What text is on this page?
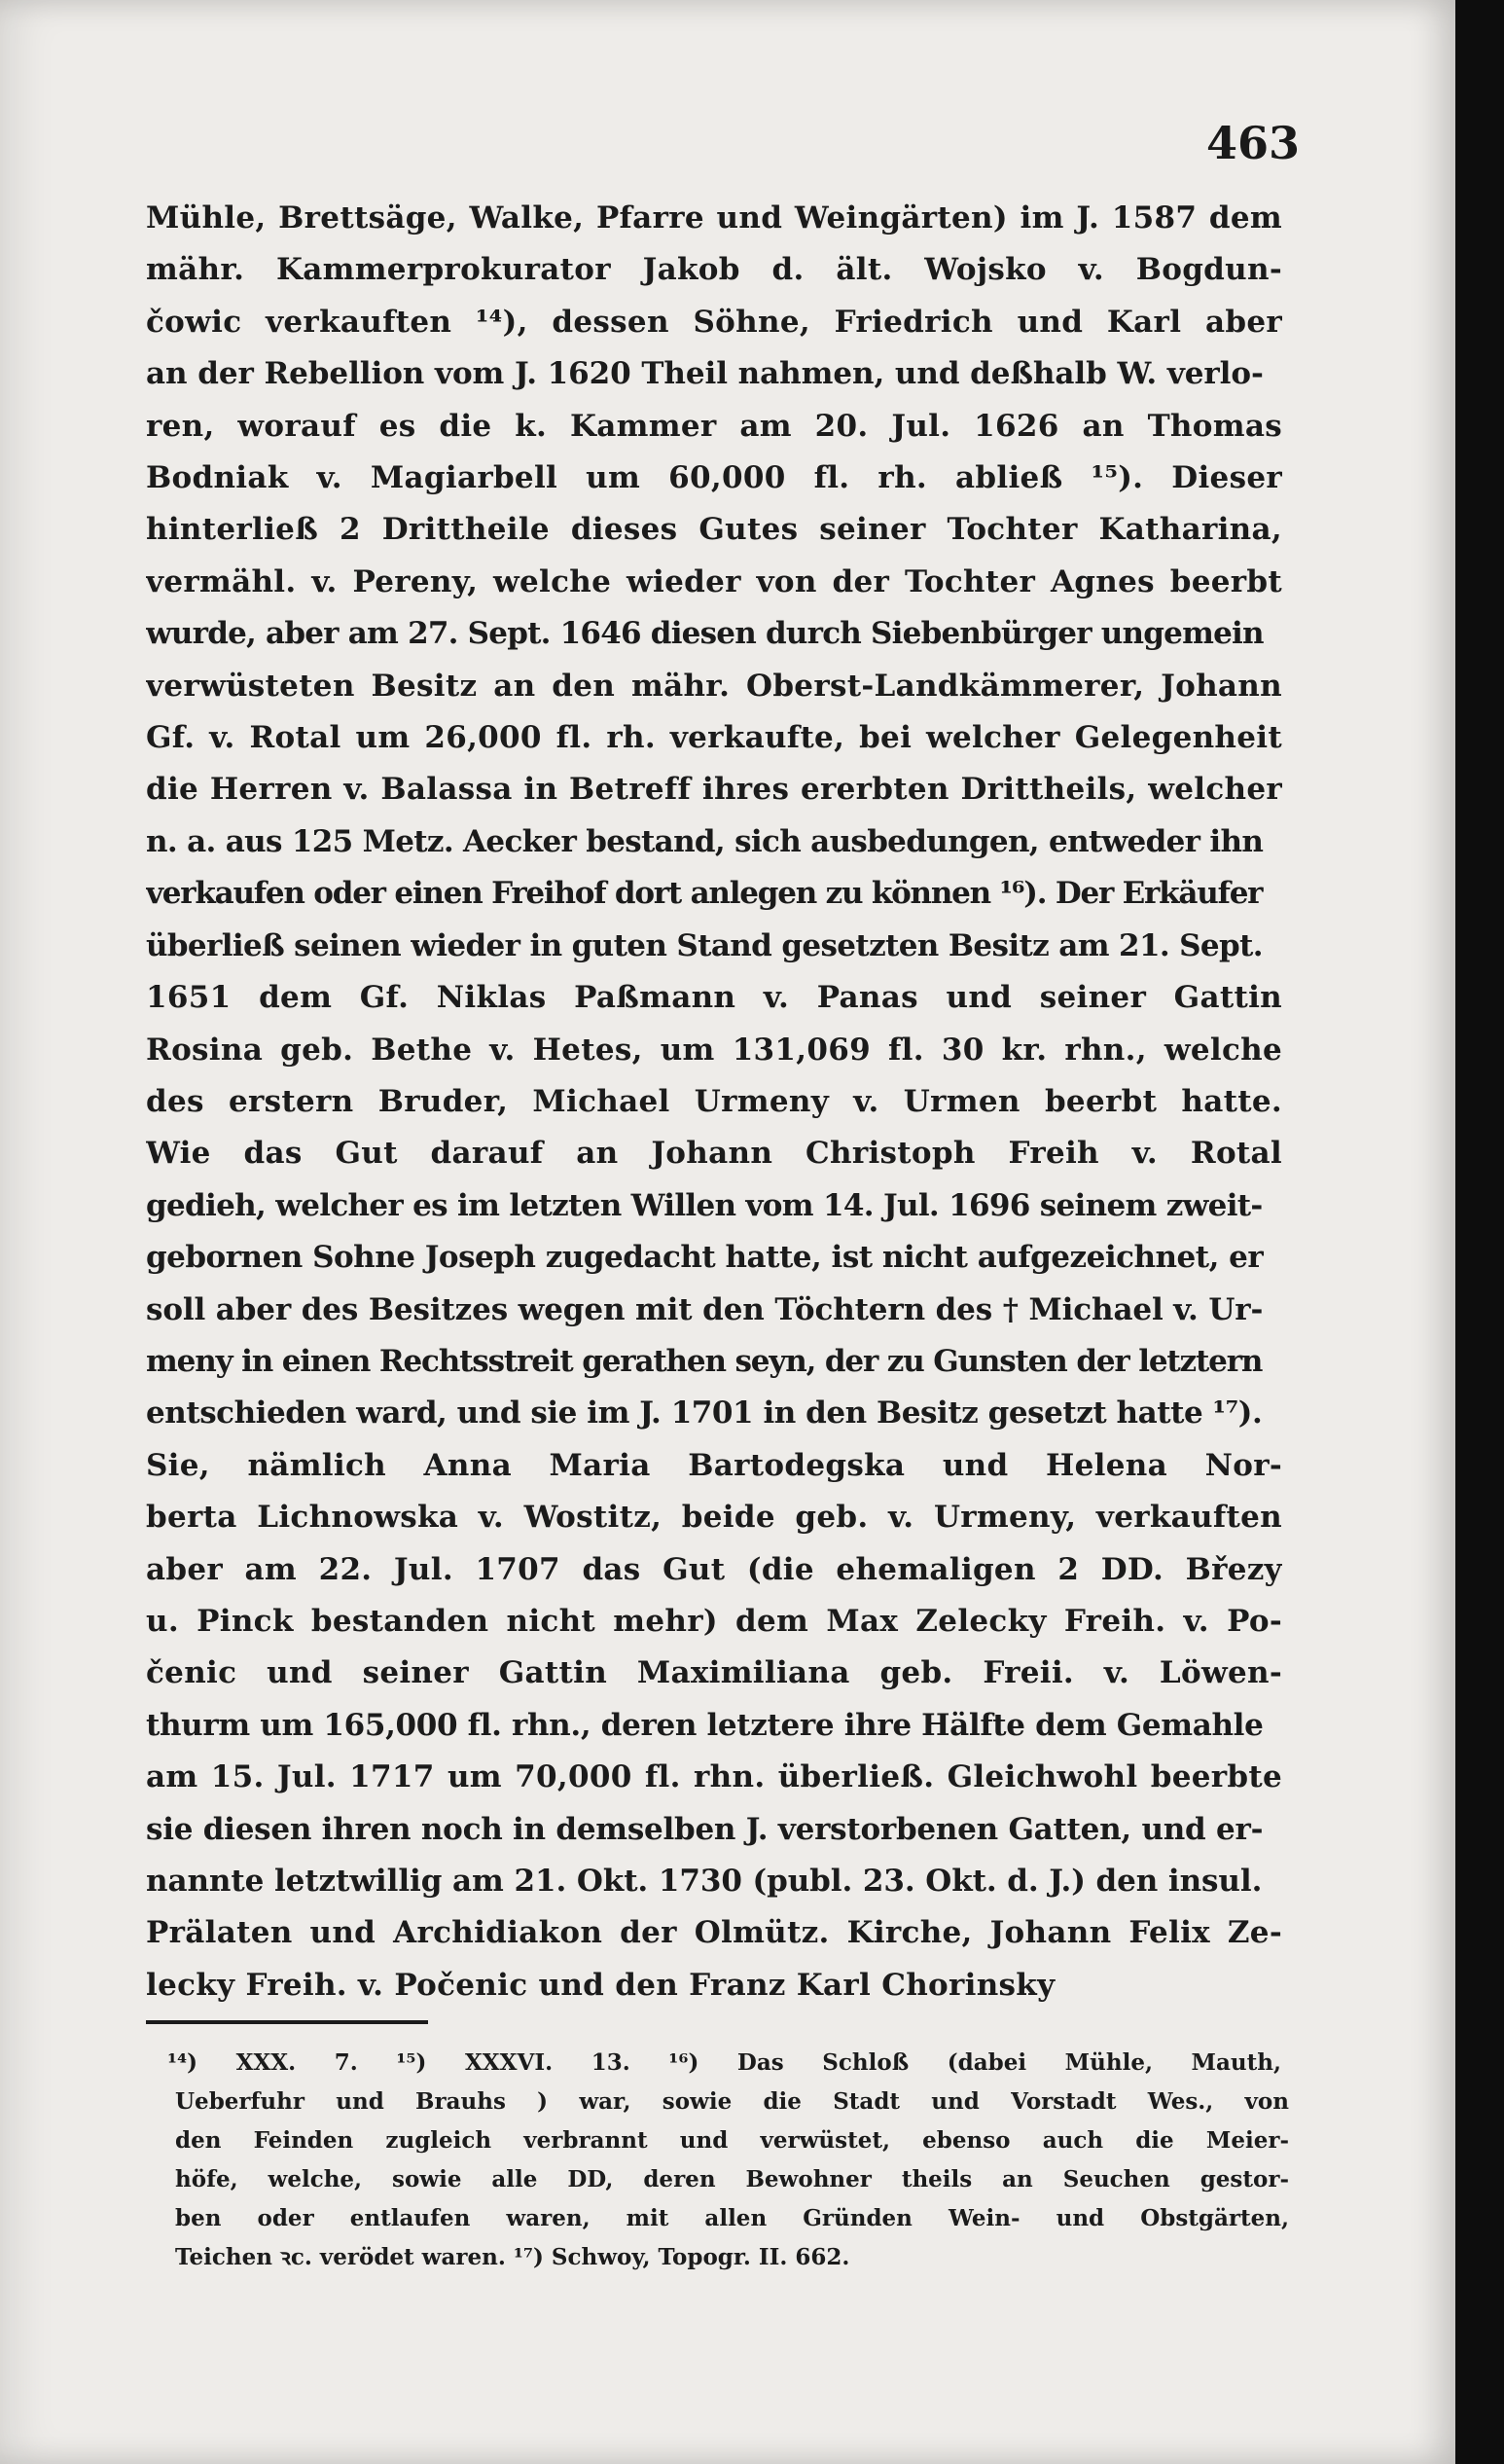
463
Mühle, Brettsäge, Walke, Pfarre und Weingärten) im J. 1587 dem
mähr. Kammerprokurator Jakob d. ält. Wojsko v. Bogdun-
čowic verkauften ¹⁴), dessen Söhne, Friedrich und Karl aber
an der Rebellion vom J. 1620 Theil nahmen, und deßhalb W. verlo-
ren, worauf es die k. Kammer am 20. Jul. 1626 an Thomas
Bodniak v. Magiarbell um 60,000 fl. rh. abließ ¹⁵). Dieser
hinterließ 2 Drittheile dieses Gutes seiner Tochter Katharina,
vermähl. v. Pereny, welche wieder von der Tochter Agnes beerbt
wurde, aber am 27. Sept. 1646 diesen durch Siebenbürger ungemein
verwüsteten Besitz an den mähr. Oberst-Landkämmerer, Johann
Gf. v. Rotal um 26,000 fl. rh. verkaufte, bei welcher Gelegenheit
die Herren v. Balassa in Betreff ihres ererbten Drittheils, welcher
n. a. aus 125 Metz. Aecker bestand, sich ausbedungen, entweder ihn
verkaufen oder einen Freihof dort anlegen zu können ¹⁶). Der Erkäufer
überließ seinen wieder in guten Stand gesetzten Besitz am 21. Sept.
1651 dem Gf. Niklas Paßmann v. Panas und seiner Gattin
Rosina geb. Bethe v. Hetes, um 131,069 fl. 30 kr. rhn., welche
des erstern Bruder, Michael Urmeny v. Urmen beerbt hatte.
Wie das Gut darauf an Johann Christoph Freih v. Rotal
gedieh, welcher es im letzten Willen vom 14. Jul. 1696 seinem zweit-
gebornen Sohne Joseph zugedacht hatte, ist nicht aufgezeichnet, er
soll aber des Besitzes wegen mit den Töchtern des † Michael v. Ur-
meny in einen Rechtsstreit gerathen seyn, der zu Gunsten der letztern
entschieden ward, und sie im J. 1701 in den Besitz gesetzt hatte ¹⁷).
Sie, nämlich Anna Maria Bartodegska und Helena Nor-
berta Lichnowska v. Wostitz, beide geb. v. Urmeny, verkauften
aber am 22. Jul. 1707 das Gut (die ehemaligen 2 DD. Březy
u. Pinck bestanden nicht mehr) dem Max Zelecky Freih. v. Po-
čenic und seiner Gattin Maximiliana geb. Freii. v. Löwen-
thurm um 165,000 fl. rhn., deren letztere ihre Hälfte dem Gemahle
am 15. Jul. 1717 um 70,000 fl. rhn. überließ. Gleichwohl beerbte
sie diesen ihren noch in demselben J. verstorbenen Gatten, und er-
nannte letztwillig am 21. Okt. 1730 (publ. 23. Okt. d. J.) den insul.
Prälaten und Archidiakon der Olmütz. Kirche, Johann Felix Ze-
lecky Freih. v. Počenic und den Franz Karl Chorinsky
¹⁴) XXX. 7. ¹⁵) XXXVI. 13. ¹⁶) Das Schloß (dabei Mühle, Mauth,
Ueberfuhr und Brauhs ) war, sowie die Stadt und Vorstadt Wes., von
den Feinden zugleich verbrannt und verwüstet, ebenso auch die Meier-
höfe, welche, sowie alle DD, deren Bewohner theils an Seuchen gestor-
ben oder entlaufen waren, mit allen Gründen Wein- und Obstgärten,
Teichen ꝛc. verödet waren. ¹⁷) Schwoy, Topogr. II. 662.
